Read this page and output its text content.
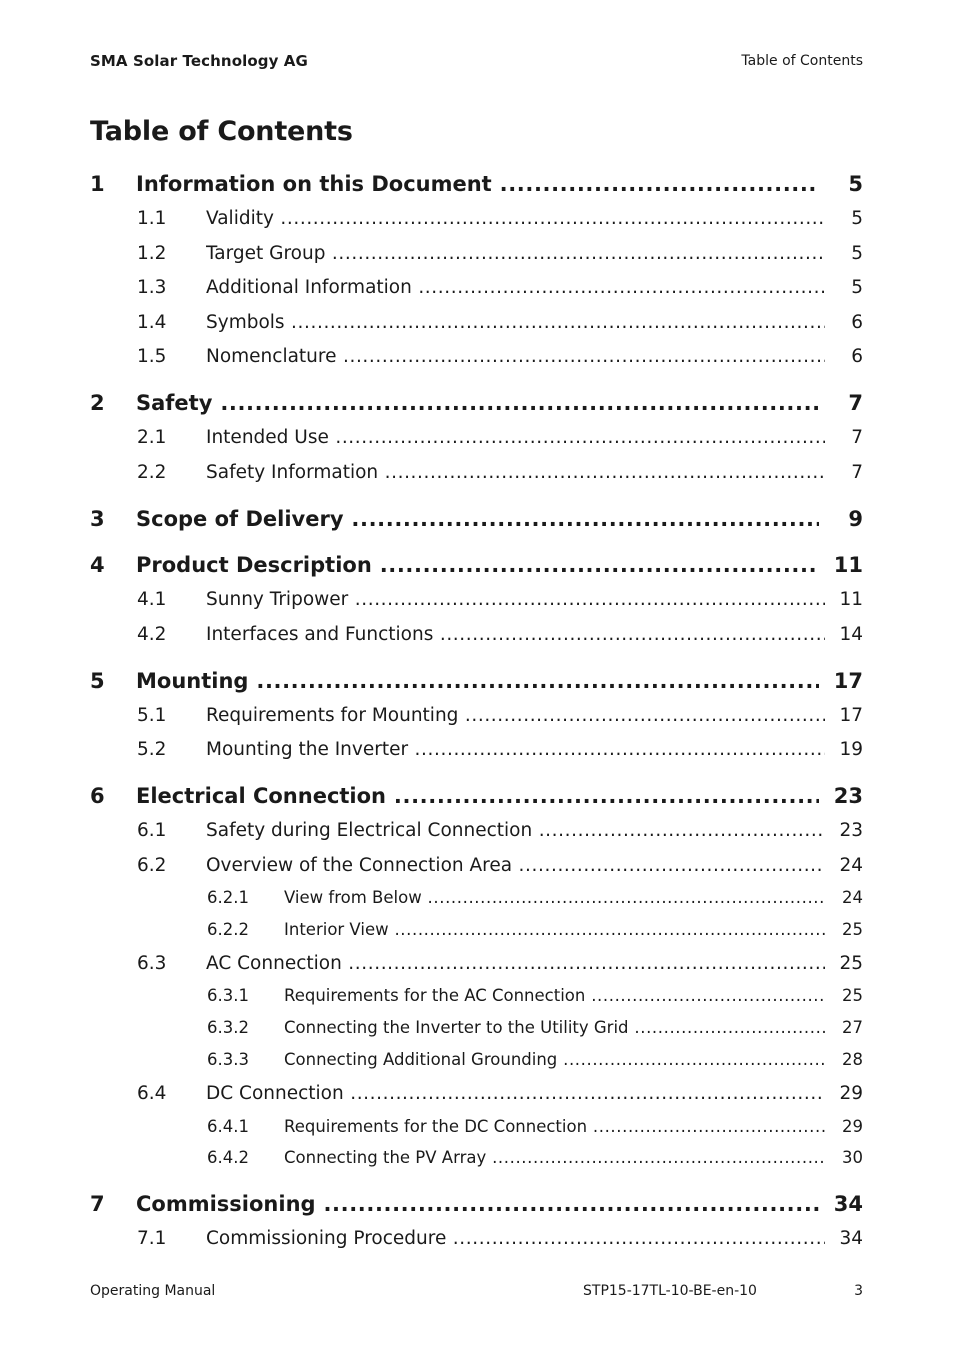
SMA Solar Technology AG	Table of Contents
Table of Contents
1 Information on this Document .....	5
1.1 Validity .....	5
1.2 Target Group .....	5
1.3 Additional Information .....	5
1.4 Symbols .....	6
1.5 Nomenclature .....	6
2 Safety .....	7
2.1 Intended Use .....	7
2.2 Safety Information .....	7
3 Scope of Delivery .....	9
4 Product Description .....	11
4.1 Sunny Tripower .....	11
4.2 Interfaces and Functions .....	14
5 Mounting .....	17
5.1 Requirements for Mounting .....	17
5.2 Mounting the Inverter .....	19
6 Electrical Connection .....	23
6.1 Safety during Electrical Connection .....	23
6.2 Overview of the Connection Area .....	24
6.2.1 View from Below .....	24
6.2.2 Interior View .....	25
6.3 AC Connection .....	25
6.3.1 Requirements for the AC Connection .....	25
6.3.2 Connecting the Inverter to the Utility Grid .....	27
6.3.3 Connecting Additional Grounding .....	28
6.4 DC Connection .....	29
6.4.1 Requirements for the DC Connection .....	29
6.4.2 Connecting the PV Array .....	30
7 Commissioning .....	34
7.1 Commissioning Procedure .....	34
Operating Manual	STP15-17TL-10-BE-en-10	3
